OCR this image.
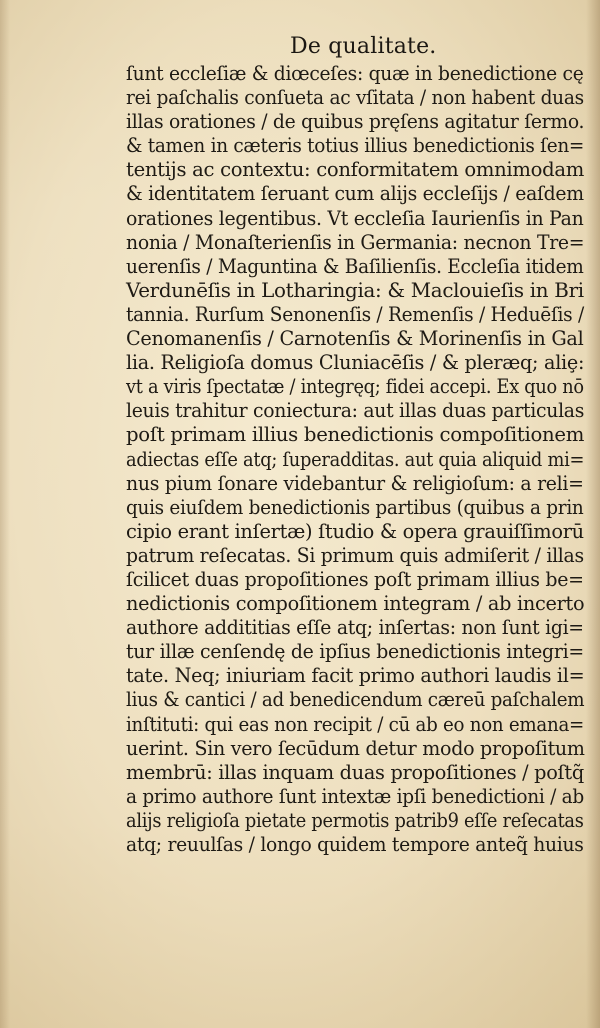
De qualitate.
ſunt eccleſiæ & diœceſes: quæ in benedictione cę
rei paſchalis conſueta ac vſitata / non habent duas
illas orationes / de quibus pręſens agitatur ſermo.
& tamen in cæteris totius illius benedictionis ſen=
tentijs ac contextu: conformitatem omnimodam
& identitatem ſeruant cum alijs eccleſijs / eaſdem
orationes legentibus. Vt eccleſia Iaurienſis in Pan
nonia / Monaſterienſis in Germania: necnon Tre=
uerenſis / Maguntina & Baſilienſis. Eccleſia itidem
Verdunēſis in Lotharingia: & Maclouieſis in Bri
tannia. Rurſum Senonenſis / Remenſis / Heduēſis /
Cenomanenſis / Carnotenſis & Morinenſis in Gal
lia. Religioſa domus Cluniacēſis / & pleræq; aliȩ:
vt a viris ſpectatæ / integręq; fidei accepi. Ex quo nō
leuis trahitur coniectura: aut illas duas particulas
poſt primam illius benedictionis compoſitionem
adiectas eſſe atq; ſuperadditas. aut quia aliquid mi=
nus pium ſonare videbantur & religioſum: a reli=
quis eiuſdem benedictionis partibus (quibus a prin
cipio erant inſertæ) ſtudio & opera grauiſſimorū
patrum reſecatas. Si primum quis admiſerit / illas
ſcilicet duas propoſitiones poſt primam illius be=
nedictionis compoſitionem integram / ab incerto
authore addititias eſſe atq; inſertas: non ſunt igi=
tur illæ cenſendę de ipſius benedictionis integri=
tate. Neq; iniuriam facit primo authori laudis il=
lius & cantici / ad benedicendum cæreū paſchalem
inſtituti: qui eas non recipit / cū ab eo non emana=
uerint. Sin vero ſecūdum detur modo propoſitum
membrū: illas inquam duas propoſitiones / poſtq̃
a primo authore ſunt intextæ ipſi benedictioni / ab
alijs religioſa pietate permotis patrib9 eſſe reſecatas
atq; reuulſas / longo quidem tempore anteq̃ huius
